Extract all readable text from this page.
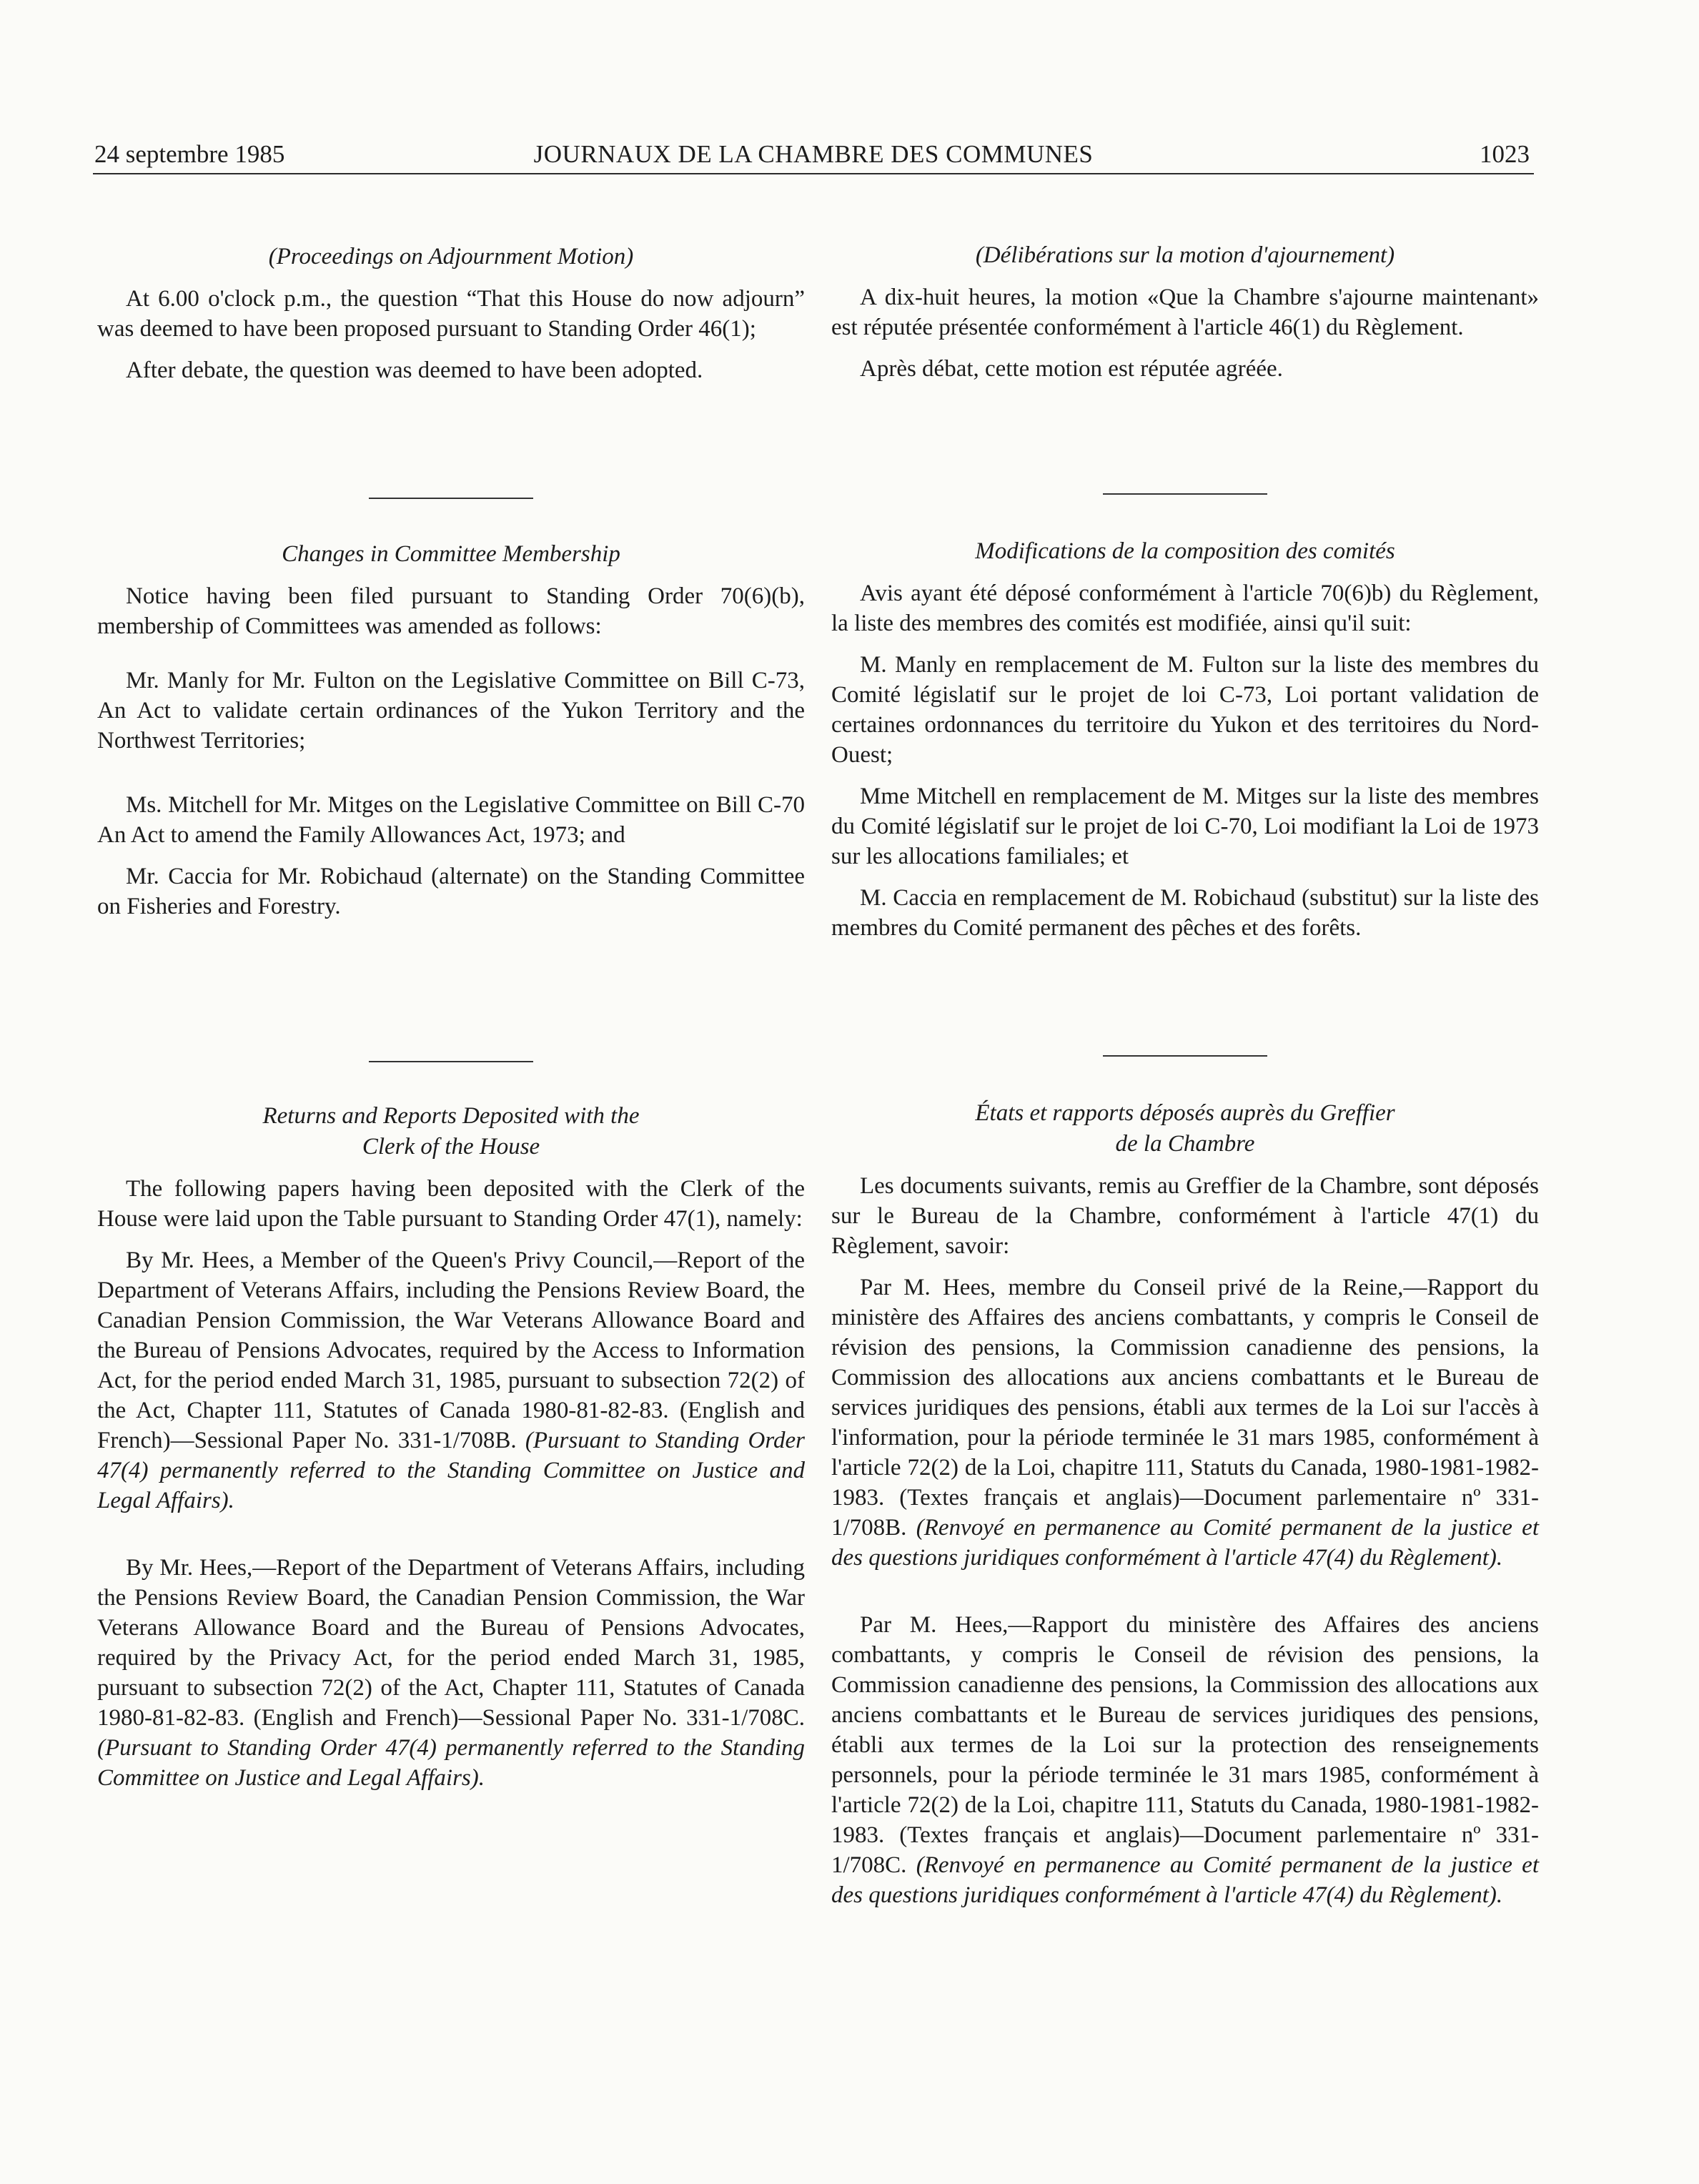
24 septembre 1985	JOURNAUX DE LA CHAMBRE DES COMMUNES	1023

(Proceedings on Adjournment Motion)

At 6.00 o'clock p.m., the question “That this House do now adjourn” was deemed to have been proposed pursuant to Standing Order 46(1);

After debate, the question was deemed to have been adopted.

Changes in Committee Membership

Notice having been filed pursuant to Standing Order 70(6)(b), membership of Committees was amended as follows:

Mr. Manly for Mr. Fulton on the Legislative Committee on Bill C-73, An Act to validate certain ordinances of the Yukon Territory and the Northwest Territories;

Ms. Mitchell for Mr. Mitges on the Legislative Committee on Bill C-70 An Act to amend the Family Allowances Act, 1973; and

Mr. Caccia for Mr. Robichaud (alternate) on the Standing Committee on Fisheries and Forestry.

Returns and Reports Deposited with the
Clerk of the House

The following papers having been deposited with the Clerk of the House were laid upon the Table pursuant to Standing Order 47(1), namely:

By Mr. Hees, a Member of the Queen's Privy Council,—Report of the Department of Veterans Affairs, including the Pensions Review Board, the Canadian Pension Commission, the War Veterans Allowance Board and the Bureau of Pensions Advocates, required by the Access to Information Act, for the period ended March 31, 1985, pursuant to subsection 72(2) of the Act, Chapter 111, Statutes of Canada 1980-81-82-83. (English and French)—Sessional Paper No. 331-1/708B. (Pursuant to Standing Order 47(4) permanently referred to the Standing Committee on Justice and Legal Affairs).

By Mr. Hees,—Report of the Department of Veterans Affairs, including the Pensions Review Board, the Canadian Pension Commission, the War Veterans Allowance Board and the Bureau of Pensions Advocates, required by the Privacy Act, for the period ended March 31, 1985, pursuant to subsection 72(2) of the Act, Chapter 111, Statutes of Canada 1980-81-82-83. (English and French)—Sessional Paper No. 331-1/708C. (Pursuant to Standing Order 47(4) permanently referred to the Standing Committee on Justice and Legal Affairs).

(Délibérations sur la motion d'ajournement)

A dix-huit heures, la motion «Que la Chambre s'ajourne maintenant» est réputée présentée conformément à l'article 46(1) du Règlement.

Après débat, cette motion est réputée agréée.

Modifications de la composition des comités

Avis ayant été déposé conformément à l'article 70(6)b) du Règlement, la liste des membres des comités est modifiée, ainsi qu'il suit:

M. Manly en remplacement de M. Fulton sur la liste des membres du Comité législatif sur le projet de loi C-73, Loi portant validation de certaines ordonnances du territoire du Yukon et des territoires du Nord-Ouest;

Mme Mitchell en remplacement de M. Mitges sur la liste des membres du Comité législatif sur le projet de loi C-70, Loi modifiant la Loi de 1973 sur les allocations familiales; et

M. Caccia en remplacement de M. Robichaud (substitut) sur la liste des membres du Comité permanent des pêches et des forêts.

États et rapports déposés auprès du Greffier
de la Chambre

Les documents suivants, remis au Greffier de la Chambre, sont déposés sur le Bureau de la Chambre, conformément à l'article 47(1) du Règlement, savoir:

Par M. Hees, membre du Conseil privé de la Reine,—Rapport du ministère des Affaires des anciens combattants, y compris le Conseil de révision des pensions, la Commission canadienne des pensions, la Commission des allocations aux anciens combattants et le Bureau de services juridiques des pensions, établi aux termes de la Loi sur l'accès à l'information, pour la période terminée le 31 mars 1985, conformément à l'article 72(2) de la Loi, chapitre 111, Statuts du Canada, 1980-1981-1982-1983. (Textes français et anglais)—Document parlementaire nº 331-1/708B. (Renvoyé en permanence au Comité permanent de la justice et des questions juridiques conformément à l'article 47(4) du Règlement).

Par M. Hees,—Rapport du ministère des Affaires des anciens combattants, y compris le Conseil de révision des pensions, la Commission canadienne des pensions, la Commission des allocations aux anciens combattants et le Bureau de services juridiques des pensions, établi aux termes de la Loi sur la protection des renseignements personnels, pour la période terminée le 31 mars 1985, conformément à l'article 72(2) de la Loi, chapitre 111, Statuts du Canada, 1980-1981-1982-1983. (Textes français et anglais)—Document parlementaire nº 331-1/708C. (Renvoyé en permanence au Comité permanent de la justice et des questions juridiques conformément à l'article 47(4) du Règlement).
